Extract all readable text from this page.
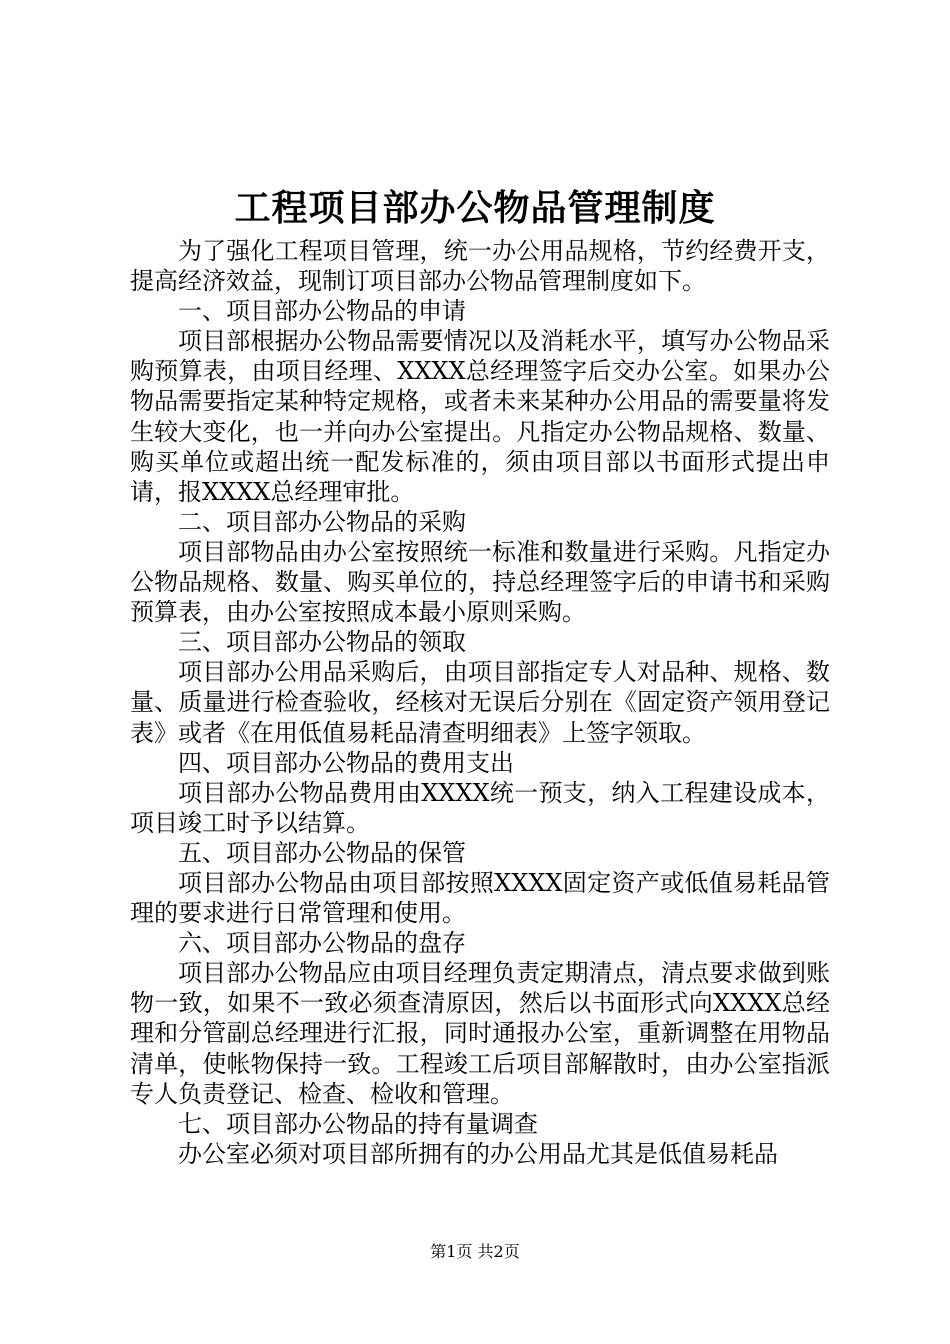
工程项目部办公物品管理制度

为了强化工程项目管理，统一办公用品规格，节约经费开支，提高经济效益，现制订项目部办公物品管理制度如下。

一、项目部办公物品的申请

项目部根据办公物品需要情况以及消耗水平，填写办公物品采购预算表，由项目经理、XXXX总经理签字后交办公室。如果办公物品需要指定某种特定规格，或者未来某种办公用品的需要量将发生较大变化，也一并向办公室提出。凡指定办公物品规格、数量、购买单位或超出统一配发标准的，须由项目部以书面形式提出申请，报XXXX总经理审批。

二、项目部办公物品的采购

项目部物品由办公室按照统一标准和数量进行采购。凡指定办公物品规格、数量、购买单位的，持总经理签字后的申请书和采购预算表，由办公室按照成本最小原则采购。

三、项目部办公物品的领取

项目部办公用品采购后，由项目部指定专人对品种、规格、数量、质量进行检查验收，经核对无误后分别在《固定资产领用登记表》或者《在用低值易耗品清查明细表》上签字领取。

四、项目部办公物品的费用支出

项目部办公物品费用由XXXX统一预支，纳入工程建设成本，项目竣工时予以结算。

五、项目部办公物品的保管

项目部办公物品由项目部按照XXXX固定资产或低值易耗品管理的要求进行日常管理和使用。

六、项目部办公物品的盘存

项目部办公物品应由项目经理负责定期清点，清点要求做到账物一致，如果不一致必须查清原因，然后以书面形式向XXXX总经理和分管副总经理进行汇报，同时通报办公室，重新调整在用物品清单，使帐物保持一致。工程竣工后项目部解散时，由办公室指派专人负责登记、检查、检收和管理。

七、项目部办公物品的持有量调查

办公室必须对项目部所拥有的办公用品尤其是低值易耗品

第1页 共2页
